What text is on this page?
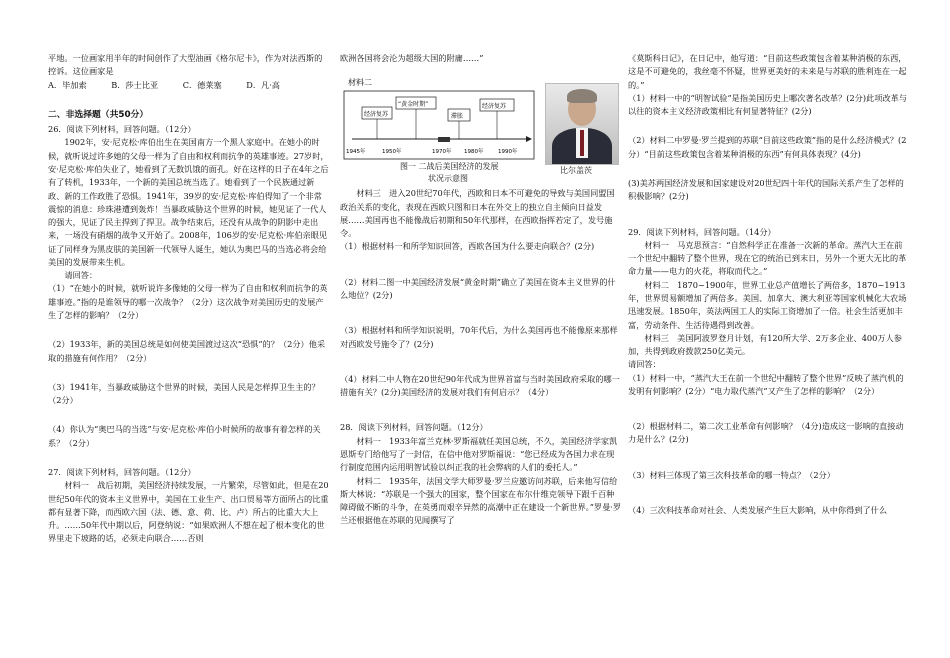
平地。一位画家用半年的时间创作了大型油画《格尔尼卡》，作为对法西斯的控诉。这位画家是

A．毕加索	B．莎士比亚	C．德莱塞	D．凡·高

二、非选择题（共50分）

26．阅读下列材料，回答问题。（12分）

1902年，安·尼克松·库伯出生在美国南方一个黑人家庭中。在她小的时候，就听说过许多她的父母一样为了自由和权利而抗争的英雄事迹。27岁时，安·尼克松·库伯失业了，她看到了无数饥饿的面孔。好在这样的日子在4年之后有了转机，1933年，一个新的美国总统当选了。她看到了一个民族通过新政、新的工作政胜了恐惧。1941年，39岁的安·尼克松·库伯得知了一个非常震惊的消息：珍珠港遭到轰炸！当暴政威胁这个世界的时候，她见证了一代人的强大，见证了民主捍到了捍卫。战争结束后，还没有从战争的阴影中走出来，一场没有硝烟的战争又开始了。2008年，106岁的安·尼克松·库伯亲眼见证了同样身为黑皮肤的美国新一代领导人诞生，她认为奥巴马的当选必将会给美国的发展带来生机。

请回答：

（1）“在她小的时候，就听说许多像她的父母一样为了自由和权利而抗争的英雄事迹。”指的是谁领导的哪一次战争？（2分）这次战争对美国历史的发展产生了怎样的影响？（2分）

（2）1933年，新的美国总统是如何使美国渡过这次“恐惧”的？（2分）他采取的措施有何作用？（2分）

（3）1941年，当暴政威胁这个世界的时候，美国人民是怎样捍卫生主的？（2分）

（4）你认为“奥巴马的当选”与安·尼克松·库伯小时候所的故事有着怎样的关系？（2分）

27．阅读下列材料，回答问题。（12分）

材料一　战后初期，美国经济持续发展，一片繁荣，尽管如此，但是在20世纪50年代的资本主义世界中，美国在工业生产、出口贸易等方面所占的比重都有显著下降，而西欧六国（法、德、意、荷、比、卢）所占的比重大大上升。……50年代中期以后，阿登纳说：“如果欧洲人不想在起了根本变化的世界里走下坡路的话，必须走向联合……否则

欧洲各国将会沦为超级大国的附庸……”

材料二
经济复苏
“黄金时期”
滞胀
经济复苏
1945年	1950年	1970年 1980年	1990年
图一 二战后美国经济的发展
状况示意图
比尔盖茨

材料三　进入20世纪70年代，西欧和日本不可避免的导致与美国同盟国政治关系的变化，表现在西欧只图和日本在外交上的独立自主倾向日益发展……美国再也不能像战后初期和50年代那样，在西欧指挥若定了，发号施令。

（1）根据材料一和所学知识回答，西欧各国为什么要走向联合？(2分)

（2）材料二图一中美国经济发展“黄金时期”确立了美国在资本主义世界的什么地位？(2分)

（3）根据材料和所学知识说明，70年代后，为什么美国再也不能像原来那样对西欧发号施令了？(2分)

（4）材料二中人物在20世纪90年代成为世界首富与当时美国政府采取的哪一措施有关？(2分)美国经济的发展对我们有何启示？（4分）

28．阅读下列材料，回答问题。（12分）

材料一　1933年富兰克林·罗斯福就任美国总统，不久，美国经济学家凯恩斯专门给他写了一封信，在信中他对罗斯福说：“您已经成为各国力求在现行制度范围内运用明智试验以纠正我的社会弊病的人们的委托人。”

材料二　1935年，法国文学大师罗曼·罗兰应邀访问苏联，后来他写信给斯大林说：“苏联是一个强大的国家，整个国家在布尔什维克领导下跟千百种障碍做不断的斗争，在英勇而艰辛异然的高潮中正在建设一个新世界。”罗曼·罗兰还根据他在苏联的见闻撰写了

《莫斯科日记》，在日记中，他写道：“目前这些政策包含着某种消极的东西，这是不可避免的，我丝毫不怀疑，世界更美好的未来是与苏联的胜利连在一起的。”

（1）材料一中的“明智试验”是指美国历史上哪次著名改革？(2分)此项改革与以往的资本主义经济政策相比有何显著特征？(2分)

（2）材料二中罗曼·罗兰提到的苏联“目前这些政策”指的是什么经济模式？(2分）“目前这些政策包含着某种消极的东西”有何具体表现？(4分)

(3)美苏两国经济发展和国家建设对20世纪四十年代的国际关系产生了怎样的积极影响？(2分)

29．阅读下列材料，回答问题。（14分）

材料一　马克思预言：“自然科学正在准备一次新的革命。蒸汽大王在前一个世纪中翻转了整个世界，现在它的统治已到末日，另外一个更大无比的革命力量——电力的火花，将取而代之。”

材料二　1870~1900年，世界工业总产值增长了两倍多，1870~1913年，世界贸易额增加了两倍多。美国、加拿大、澳大利亚等国家机械化大农场迅速发展。1850年，英法两国工人的实际工资增加了一倍。社会生活更加丰富，劳动条件、生活待遇得到改善。

材料三　美国阿波罗登月计划，有120所大学、2万多企业、400万人参加，共得到政府拨款250亿美元。

请回答：

（1）材料一中，“蒸汽大王在前一个世纪中翻转了整个世界”反映了蒸汽机的发明有何影响？(2分）“电力取代蒸汽”又产生了怎样的影响？（2分）

（2）根据材料二，第二次工业革命有何影响？（4分)造成这一影响的直接动力是什么？(2分)

（3）材料三体现了第三次科技革命的哪一特点？（2分）

（4）三次科技革命对社会、人类发展产生巨大影响，从中你得到了什么
